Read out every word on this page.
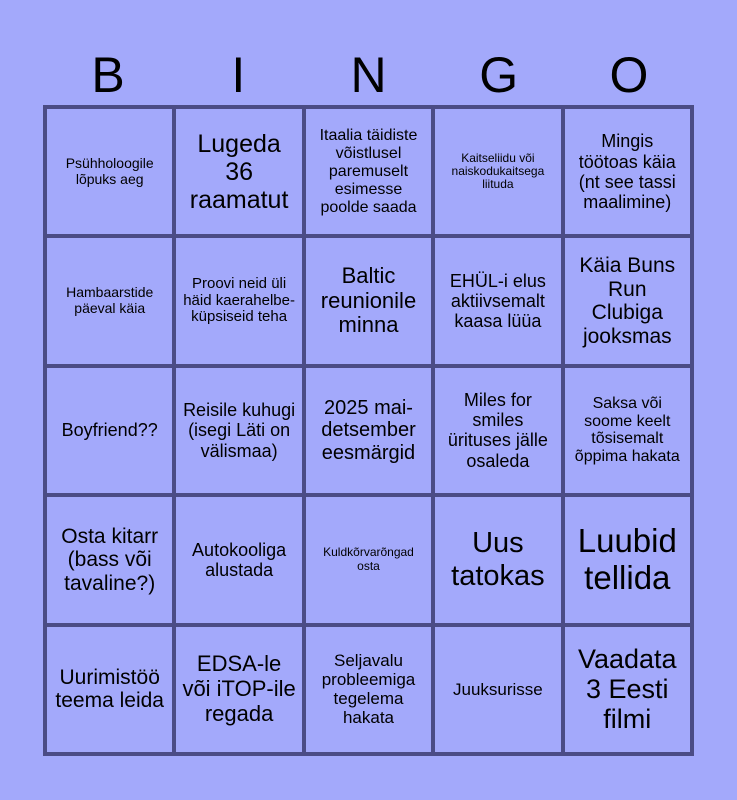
B	I	N	G	O
Psühholoogile lõpuks aeg
Lugeda 36 raamatut
Itaalia täidiste võistlusel paremuselt esimesse poolde saada
Kaitseliidu või naiskodukaitsega liituda
Mingis töötoas käia (nt see tassi maalimine)
Hambaarstide päeval käia
Proovi neid üli häid kaerahelbe-küpsiseid teha
Baltic reunionile minna
EHÜL-i elus aktiivsemalt kaasa lüüa
Käia Buns Run Clubiga jooksmas
Boyfriend??
Reisile kuhugi (isegi Läti on välismaa)
2025 mai-detsember eesmärgid
Miles for smiles ürituses jälle osaleda
Saksa või soome keelt tõsisemalt õppima hakata
Osta kitarr (bass või tavaline?)
Autokooliga alustada
Kuldkõrvarõngad osta
Uus tatokas
Luubid tellida
Uurimistöö teema leida
EDSA-le või iTOP-ile regada
Seljavalu probleemiga tegelema hakata
Juuksurisse
Vaadata 3 Eesti filmi
